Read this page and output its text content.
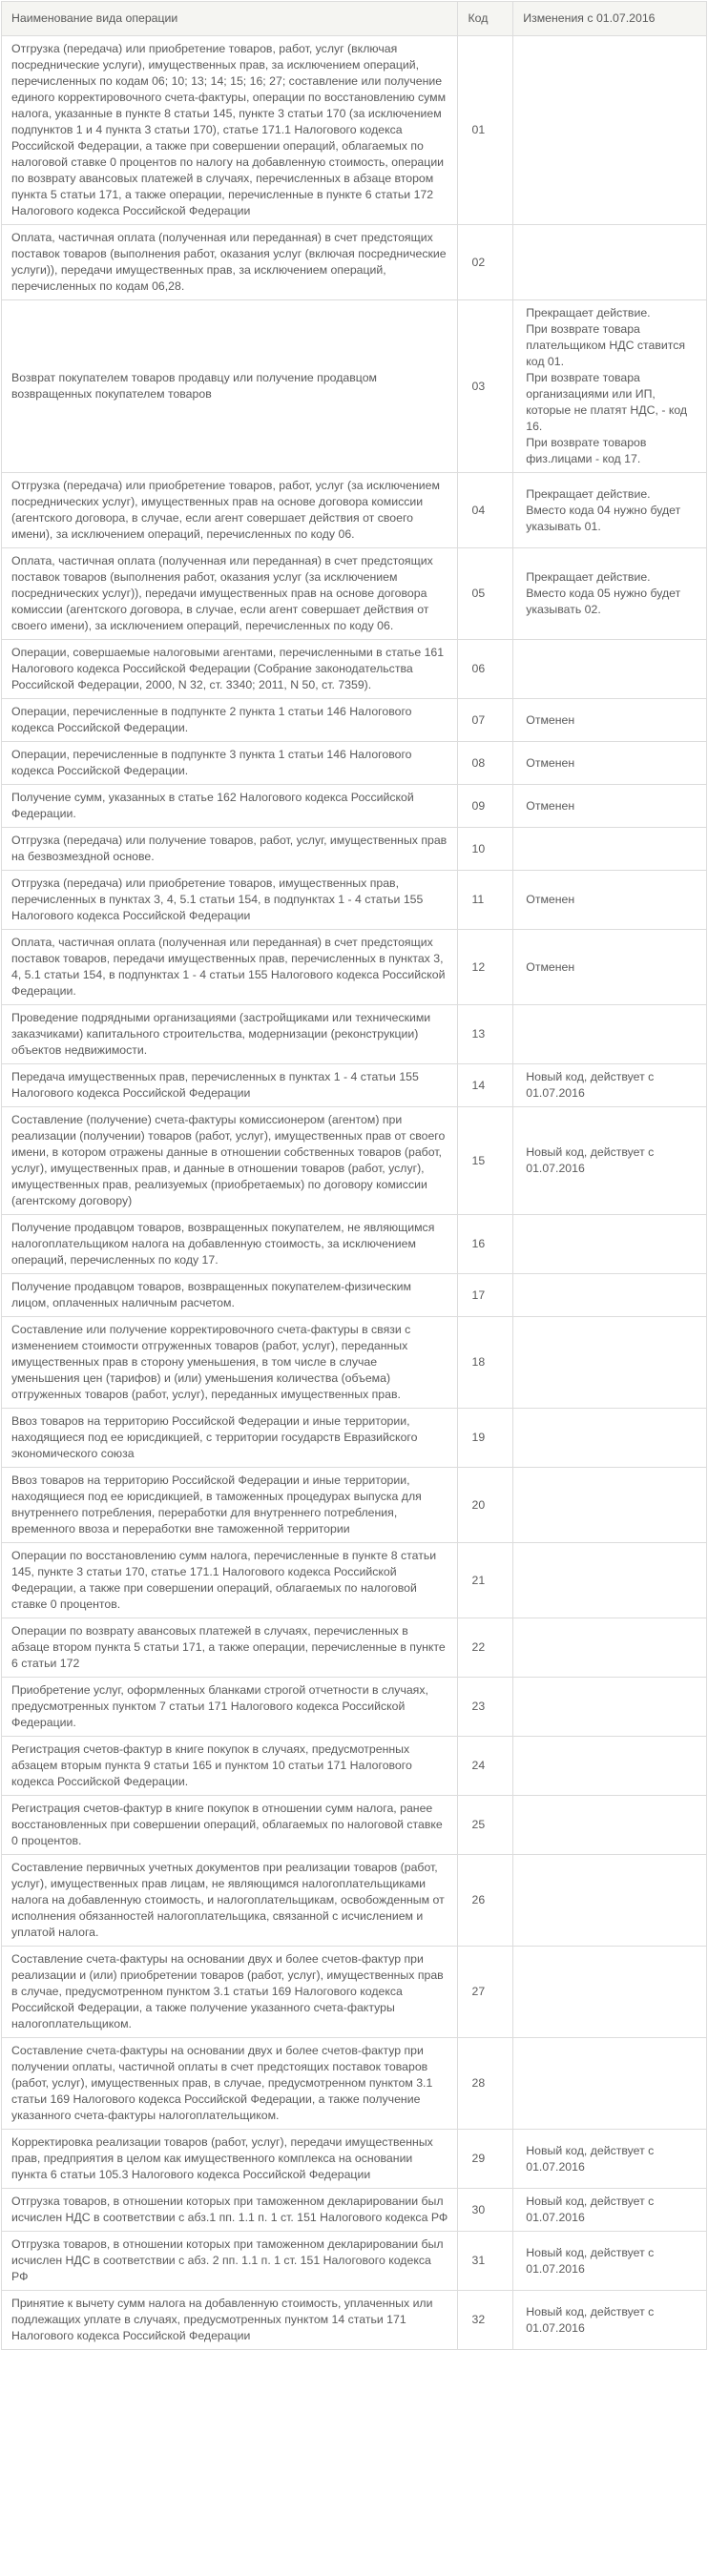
Наименование вида операции	Код	Изменения с 01.07.2016
Отгрузка (передача) или приобретение товаров, работ, услуг (включая посреднические услуги), имущественных прав, за исключением операций, перечисленных по кодам 06; 10; 13; 14; 15; 16; 27; составление или получение единого корректировочного счета-фактуры, операции по восстановлению сумм налога, указанные в пункте 8 статьи 145, пункте 3 статьи 170 (за исключением подпунктов 1 и 4 пункта 3 статьи 170), статье 171.1 Налогового кодекса Российской Федерации, а также при совершении операций, облагаемых по налоговой ставке 0 процентов по налогу на добавленную стоимость, операции по возврату авансовых платежей в случаях, перечисленных в абзаце втором пункта 5 статьи 171, а также операции, перечисленные в пункте 6 статьи 172 Налогового кодекса Российской Федерации	01	
Оплата, частичная оплата (полученная или переданная) в счет предстоящих поставок товаров (выполнения работ, оказания услуг (включая посреднические услуги)), передачи имущественных прав, за исключением операций, перечисленных по кодам 06,28.	02	
Возврат покупателем товаров продавцу или получение продавцом возвращенных покупателем товаров	03	Прекращает действие.
При возврате товара плательщиком НДС ставится код 01.
При возврате товара организациями или ИП, которые не платят НДС, - код 16.
При возврате товаров физ.лицами - код 17.

Отгрузка (передача) или приобретение товаров, работ, услуг (за исключением посреднических услуг), имущественных прав на основе договора комиссии (агентского договора, в случае, если агент совершает действия от своего имени), за исключением операций, перечисленных по коду 06.	04	Прекращает действие.
Вместо кода 04 нужно будет указывать 01.

Оплата, частичная оплата (полученная или переданная) в счет предстоящих поставок товаров (выполнения работ, оказания услуг (за исключением посреднических услуг)), передачи имущественных прав на основе договора комиссии (агентского договора, в случае, если агент совершает действия от своего имени), за исключением операций, перечисленных по коду 06.	05	Прекращает действие.
Вместо кода 05 нужно будет указывать 02.

Операции, совершаемые налоговыми агентами, перечисленными в статье 161 Налогового кодекса Российской Федерации (Собрание законодательства Российской Федерации, 2000, N 32, ст. 3340; 2011, N 50, ст. 7359).	06	
Операции, перечисленные в подпункте 2 пункта 1 статьи 146 Налогового кодекса Российской Федерации.	07	Отменен

Операции, перечисленные в подпункте 3 пункта 1 статьи 146 Налогового кодекса Российской Федерации.	08	Отменен

Получение сумм, указанных в статье 162 Налогового кодекса Российской Федерации.	09	Отменен

Отгрузка (передача) или получение товаров, работ, услуг, имущественных прав на безвозмездной основе.	10	
Отгрузка (передача) или приобретение товаров, имущественных прав, перечисленных в пунктах 3, 4, 5.1 статьи 154, в подпунктах 1 - 4 статьи 155 Налогового кодекса Российской Федерации	11	Отменен

Оплата, частичная оплата (полученная или переданная) в счет предстоящих поставок товаров, передачи имущественных прав, перечисленных в пунктах 3, 4, 5.1 статьи 154, в подпунктах 1 - 4 статьи 155 Налогового кодекса Российской Федерации.	12	Отменен

Проведение подрядными организациями (застройщиками или техническими заказчиками) капитального строительства, модернизации (реконструкции) объектов недвижимости.	13	
Передача имущественных прав, перечисленных в пунктах 1 - 4 статьи 155 Налогового кодекса Российской Федерации	14	Новый код, действует с 01.07.2016

Составление (получение) счета-фактуры комиссионером (агентом) при реализации (получении) товаров (работ, услуг), имущественных прав от своего имени, в котором отражены данные в отношении собственных товаров (работ, услуг), имущественных прав, и данные в отношении товаров (работ, услуг), имущественных прав, реализуемых (приобретаемых) по договору комиссии (агентскому договору)	15	Новый код, действует с 01.07.2016

Получение продавцом товаров, возвращенных покупателем, не являющимся налогоплательщиком налога на добавленную стоимость, за исключением операций, перечисленных по коду 17.	16	
Получение продавцом товаров, возвращенных покупателем-физическим лицом, оплаченных наличным расчетом.	17	
Составление или получение корректировочного счета-фактуры в связи с изменением стоимости отгруженных товаров (работ, услуг), переданных имущественных прав в сторону уменьшения, в том числе в случае уменьшения цен (тарифов) и (или) уменьшения количества (объема) отгруженных товаров (работ, услуг), переданных имущественных прав.	18	
Ввоз товаров на территорию Российской Федерации и иные территории, находящиеся под ее юрисдикцией, с территории государств Евразийского экономического союза	19	
Ввоз товаров на территорию Российской Федерации и иные территории, находящиеся под ее юрисдикцией, в таможенных процедурах выпуска для внутреннего потребления, переработки для внутреннего потребления, временного ввоза и переработки вне таможенной территории	20	
Операции по восстановлению сумм налога, перечисленные в пункте 8 статьи 145, пункте 3 статьи 170, статье 171.1 Налогового кодекса Российской Федерации, а также при совершении операций, облагаемых по налоговой ставке 0 процентов.	21	
Операции по возврату авансовых платежей в случаях, перечисленных в абзаце втором пункта 5 статьи 171, а также операции, перечисленные в пункте 6 статьи 172	22	
Приобретение услуг, оформленных бланками строгой отчетности в случаях, предусмотренных пунктом 7 статьи 171 Налогового кодекса Российской Федерации.	23	
Регистрация счетов-фактур в книге покупок в случаях, предусмотренных абзацем вторым пункта 9 статьи 165 и пунктом 10 статьи 171 Налогового кодекса Российской Федерации.	24	
Регистрация счетов-фактур в книге покупок в отношении сумм налога, ранее восстановленных при совершении операций, облагаемых по налоговой ставке 0 процентов.	25	
Составление первичных учетных документов при реализации товаров (работ, услуг), имущественных прав лицам, не являющимся налогоплательщиками налога на добавленную стоимость, и налогоплательщикам, освобожденным от исполнения обязанностей налогоплательщика, связанной с исчислением и уплатой налога.	26	
Составление счета-фактуры на основании двух и более счетов-фактур при реализации и (или) приобретении товаров (работ, услуг), имущественных прав в случае, предусмотренном пунктом 3.1 статьи 169 Налогового кодекса Российской Федерации, а также получение указанного счета-фактуры налогоплательщиком.	27	
Составление счета-фактуры на основании двух и более счетов-фактур при получении оплаты, частичной оплаты в счет предстоящих поставок товаров (работ, услуг), имущественных прав, в случае, предусмотренном пунктом 3.1 статьи 169 Налогового кодекса Российской Федерации, а также получение указанного счета-фактуры налогоплательщиком.	28	
Корректировка реализации товаров (работ, услуг), передачи имущественных прав, предприятия в целом как имущественного комплекса на основании пункта 6 статьи 105.3 Налогового кодекса Российской Федерации	29	Новый код, действует с 01.07.2016

Отгрузка товаров, в отношении которых при таможенном декларировании был исчислен НДС в соответствии с абз.1 пп. 1.1 п. 1 ст. 151 Налогового кодекса РФ	30	Новый код, действует с 01.07.2016

Отгрузка товаров, в отношении которых при таможенном декларировании был исчислен НДС в соответствии с абз. 2 пп. 1.1 п. 1 ст. 151 Налогового кодекса РФ	31	Новый код, действует с 01.07.2016

Принятие к вычету сумм налога на добавленную стоимость, уплаченных или подлежащих уплате в случаях, предусмотренных пунктом 14 статьи 171 Налогового кодекса Российской Федерации	32	Новый код, действует с 01.07.2016
